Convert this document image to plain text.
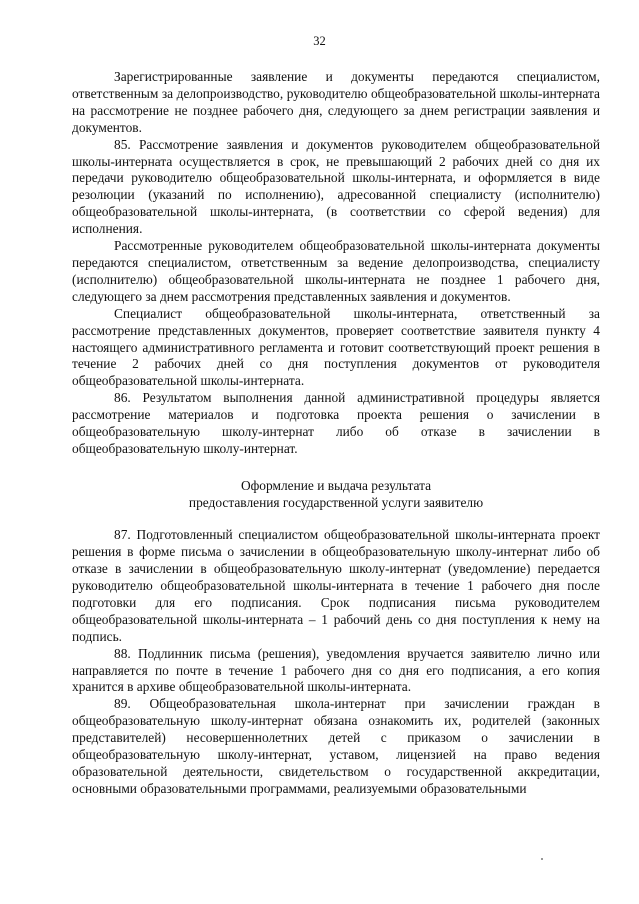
32

Зарегистрированные заявление и документы передаются специалистом, ответственным за делопроизводство, руководителю общеобразовательной школы-интерната на рассмотрение не позднее рабочего дня, следующего за днем регистрации заявления и документов.

85. Рассмотрение заявления и документов руководителем общеобразовательной школы-интерната осуществляется в срок, не превышающий 2 рабочих дней со дня их передачи руководителю общеобразовательной школы-интерната, и оформляется в виде резолюции (указаний по исполнению), адресованной специалисту (исполнителю) общеобразовательной школы-интерната, (в соответствии со сферой ведения) для исполнения.

Рассмотренные руководителем общеобразовательной школы-интерната документы передаются специалистом, ответственным за ведение делопроизводства, специалисту (исполнителю) общеобразовательной школы-интерната не позднее 1 рабочего дня, следующего за днем рассмотрения представленных заявления и документов.

Специалист общеобразовательной школы-интерната, ответственный за рассмотрение представленных документов, проверяет соответствие заявителя пункту 4 настоящего административного регламента и готовит соответствующий проект решения в течение 2 рабочих дней со дня поступления документов от руководителя общеобразовательной школы-интерната.

86. Результатом выполнения данной административной процедуры является рассмотрение материалов и подготовка проекта решения о зачислении в общеобразовательную школу-интернат либо об отказе в зачислении в общеобразовательную школу-интернат.

Оформление и выдача результата
предоставления государственной услуги заявителю

87. Подготовленный специалистом общеобразовательной школы-интерната проект решения в форме письма о зачислении в общеобразовательную школу-интернат либо об отказе в зачислении в общеобразовательную школу-интернат (уведомление) передается руководителю общеобразовательной школы-интерната в течение 1 рабочего дня после подготовки для его подписания. Срок подписания письма руководителем общеобразовательной школы-интерната – 1 рабочий день со дня поступления к нему на подпись.

88. Подлинник письма (решения), уведомления вручается заявителю лично или направляется по почте в течение 1 рабочего дня со дня его подписания, а его копия хранится в архиве общеобразовательной школы-интерната.

89. Общеобразовательная школа-интернат при зачислении граждан в общеобразовательную школу-интернат обязана ознакомить их, родителей (законных представителей) несовершеннолетних детей с приказом о зачислении в общеобразовательную школу-интернат, уставом, лицензией на право ведения образовательной деятельности, свидетельством о государственной аккредитации, основными образовательными программами, реализуемыми образовательными
